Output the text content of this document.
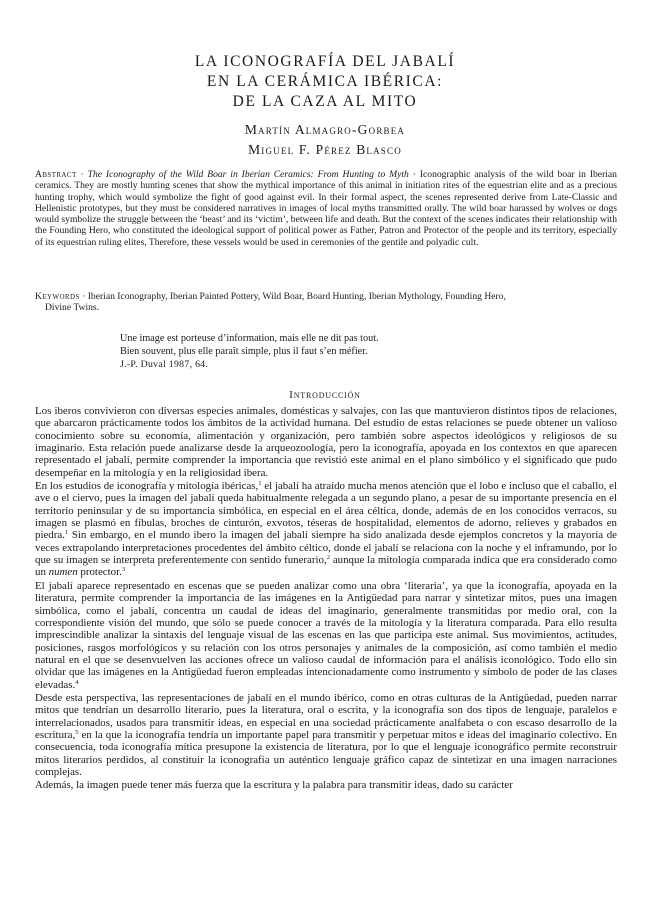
LA ICONOGRAFÍA DEL JABALÍ
EN LA CERÁMICA IBÉRICA:
DE LA CAZA AL MITO
Martín Almagro-Gorbea
Miguel F. Pérez Blasco
Abstract · The Iconography of the Wild Boar in Iberian Ceramics: From Hunting to Myth · Iconographic analysis of the wild boar in Iberian ceramics. They are mostly hunting scenes that show the mythical importance of this animal in initiation rites of the equestrian elite and as a precious hunting trophy, which would symbolize the fight of good against evil. In their formal aspect, the scenes represented derive from Late-Classic and Hellenistic prototypes, but they must be considered narratives in images of local myths transmitted orally. The wild boar harassed by wolves or dogs would symbolize the struggle between the ‘beast’ and its ‘victim’, between life and death. But the context of the scenes indicates their relationship with the Founding Hero, who constituted the ideological support of political power as Father, Patron and Protector of the people and its territory, especially of its equestrian ruling elites, Therefore, these vessels would be used in ceremonies of the gentile and polyadic cult.
Keywords · Iberian Iconography, Iberian Painted Pottery, Wild Boar, Board Hunting, Iberian Mythology, Founding Hero,
Divine Twins.
Une image est porteuse d’information, mais elle ne dit pas tout.
Bien souvent, plus elle paraît simple, plus il faut s’en méfier.
J.-P. Duval 1987, 64.
Introducción

Los iberos convivieron con diversas especies animales, domésticas y salvajes, con las que mantuvieron distintos tipos de relaciones, que abarcaron prácticamente todos los ámbitos de la actividad humana. Del estudio de estas relaciones se puede obtener un valioso conocimiento sobre su economía, alimentación y organización, pero también sobre aspectos ideológicos y religiosos de su imaginario. Esta relación puede analizarse desde la arqueozoología, pero la iconografía, apoyada en los contextos en que aparecen representado el jabalí, permite comprender la importancia que revistió este animal en el plano simbólico y el significado que pudo desempeñar en la mitología y en la religiosidad ibera.

En los estudios de iconografía y mitología ibéricas,$^1$ el jabalí ha atraído mucha menos atención que el lobo e incluso que el caballo, el ave o el ciervo, pues la imagen del jabalí queda habitualmente relegada a un segundo plano, a pesar de su importante presencia en el territorio peninsular y de su importancia simbólica, en especial en el área céltica, donde, además de en los conocidos verracos, su imagen se plasmó en fíbulas, broches de cinturón, exvotos, téseras de hospitalidad, elementos de adorno, relieves y grabados en piedra.$^1$ Sin embargo, en el mundo ibero la imagen del jabalí siempre ha sido analizada desde ejemplos concretos y la mayoría de veces extrapolando interpretaciones procedentes del ámbito céltico, donde el jabalí se relaciona con la noche y el inframundo, por lo que su imagen se interpreta preferentemente con sentido funerario,$^2$ aunque la mitología comparada indica que era considerado como un numen protector.$^3$

El jabalí aparece representado en escenas que se pueden analizar como una obra ‘literaria’, ya que la iconografía, apoyada en la literatura, permite comprender la importancia de las imágenes en la Antigüedad para narrar y sintetizar mitos, pues una imagen simbólica, como el jabalí, concentra un caudal de ideas del imaginario, generalmente transmitidas por medio oral, con la correspondiente visión del mundo, que sólo se puede conocer a través de la mitología y la literatura comparada. Para ello resulta imprescindible analizar la sintaxis del lenguaje visual de las escenas en las que participa este animal. Sus movimientos, actitudes, posiciones, rasgos morfológicos y su relación con los otros personajes y animales de la composición, así como también el medio natural en el que se desenvuelven las acciones ofrece un valioso caudal de información para el análisis iconológico. Todo ello sin olvidar que las imágenes en la Antigüedad fueron empleadas intencionadamente como instrumento y símbolo de poder de las clases elevadas.$^4$

Desde esta perspectiva, las representaciones de jabalí en el mundo ibérico, como en otras culturas de la Antigüedad, pueden narrar mitos que tendrían un desarrollo literario, pues la literatura, oral o escrita, y la iconografía son dos tipos de lenguaje, paralelos e interrelacionados, usados para transmitir ideas, en especial en una sociedad prácticamente analfabeta o con escaso desarrollo de la escritura,$^5$ en la que la iconografía tendría un importante papel para transmitir y perpetuar mitos e ideas del imaginario colectivo. En consecuencia, toda iconografía mítica presupone la existencia de literatura, por lo que el lenguaje iconográfico permite reconstruir mitos literarios perdidos, al constituir la iconografía un auténtico lenguaje gráfico capaz de sintetizar en una imagen narraciones complejas.

Además, la imagen puede tener más fuerza que la escritura y la palabra para transmitir ideas, dado su carácter
